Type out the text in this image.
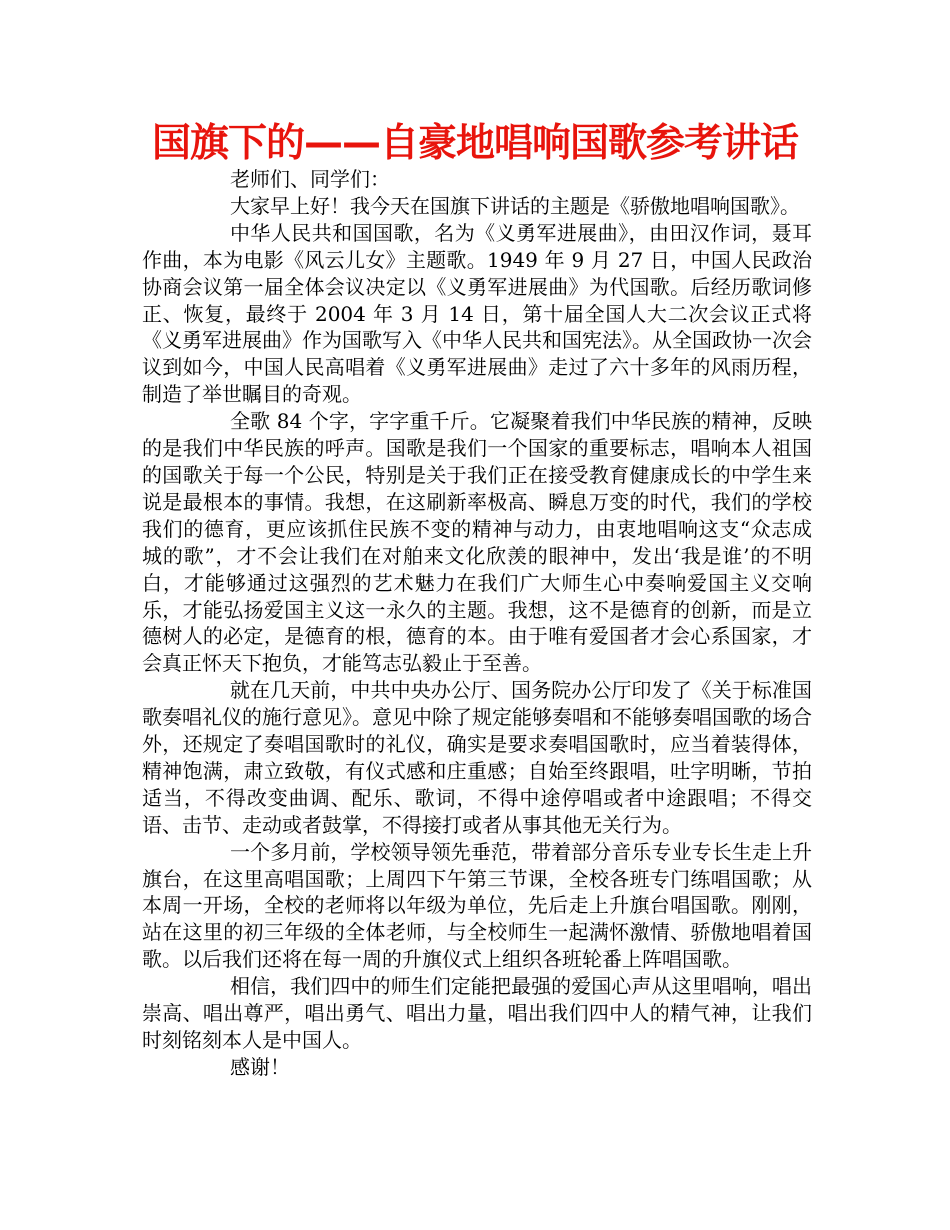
国旗下的——自豪地唱响国歌参考讲话

老师们、同学们：

大家早上好！我今天在国旗下讲话的主题是《骄傲地唱响国歌》。

中华人民共和国国歌，名为《义勇军进展曲》，由田汉作词，聂耳作曲，本为电影《风云儿女》主题歌。1949 年 9 月 27 日，中国人民政治协商会议第一届全体会议决定以《义勇军进展曲》为代国歌。后经历歌词修正、恢复，最终于 2004 年 3 月 14 日，第十届全国人大二次会议正式将《义勇军进展曲》作为国歌写入《中华人民共和国宪法》。从全国政协一次会议到如今，中国人民高唱着《义勇军进展曲》走过了六十多年的风雨历程，制造了举世瞩目的奇观。

全歌 84 个字，字字重千斤。它凝聚着我们中华民族的精神，反映的是我们中华民族的呼声。国歌是我们一个国家的重要标志，唱响本人祖国的国歌关于每一个公民，特别是关于我们正在接受教育健康成长的中学生来说是最根本的事情。我想，在这刷新率极高、瞬息万变的时代，我们的学校我们的德育，更应该抓住民族不变的精神与动力，由衷地唱响这支“众志成城的歌”，才不会让我们在对舶来文化欣羡的眼神中，发出‘我是谁’的不明白，才能够通过这强烈的艺术魅力在我们广大师生心中奏响爱国主义交响乐，才能弘扬爱国主义这一永久的主题。我想，这不是德育的创新，而是立德树人的必定，是德育的根，德育的本。由于唯有爱国者才会心系国家，才会真正怀天下抱负，才能笃志弘毅止于至善。

就在几天前，中共中央办公厅、国务院办公厅印发了《关于标准国歌奏唱礼仪的施行意见》。意见中除了规定能够奏唱和不能够奏唱国歌的场合外，还规定了奏唱国歌时的礼仪，确实是要求奏唱国歌时，应当着装得体，精神饱满，肃立致敬，有仪式感和庄重感；自始至终跟唱，吐字明晰，节拍适当，不得改变曲调、配乐、歌词，不得中途停唱或者中途跟唱；不得交语、击节、走动或者鼓掌，不得接打或者从事其他无关行为。

一个多月前，学校领导领先垂范，带着部分音乐专业专长生走上升旗台，在这里高唱国歌；上周四下午第三节课，全校各班专门练唱国歌；从本周一开场，全校的老师将以年级为单位，先后走上升旗台唱国歌。刚刚，站在这里的初三年级的全体老师，与全校师生一起满怀激情、骄傲地唱着国歌。以后我们还将在每一周的升旗仪式上组织各班轮番上阵唱国歌。

相信，我们四中的师生们定能把最强的爱国心声从这里唱响，唱出崇高、唱出尊严，唱出勇气、唱出力量，唱出我们四中人的精气神，让我们时刻铭刻本人是中国人。

感谢！
